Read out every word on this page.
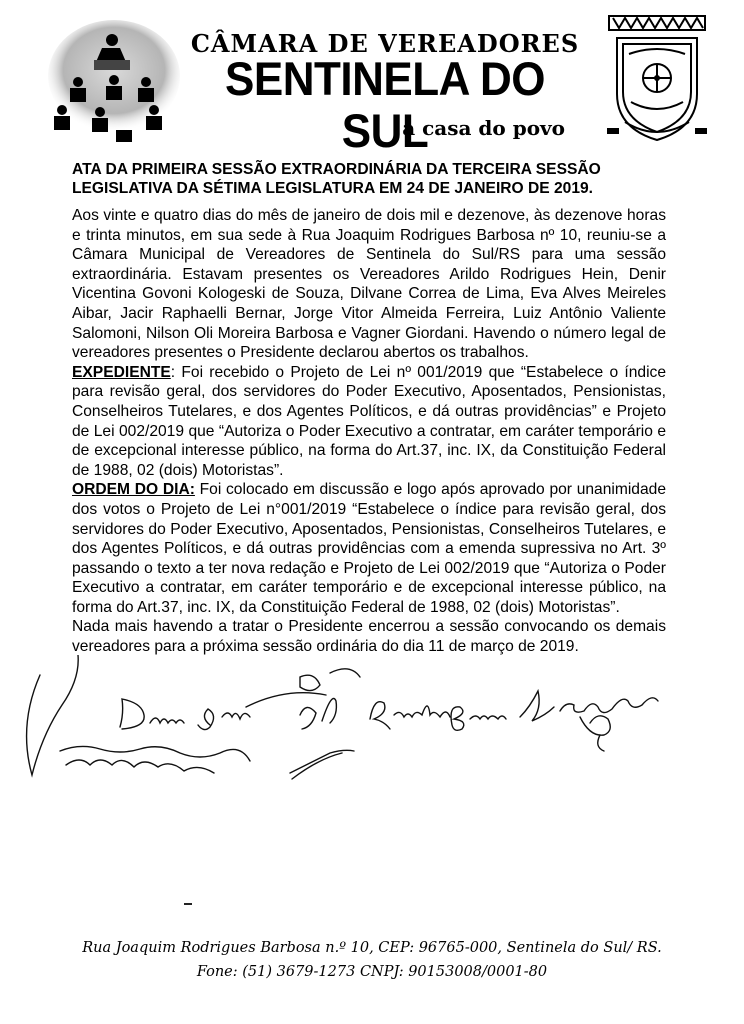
CÂMARA DE VEREADORES
SENTINELA DO SUL
a casa do povo

ATA DA PRIMEIRA SESSÃO EXTRAORDINÁRIA DA TERCEIRA SESSÃO LEGISLATIVA DA SÉTIMA LEGISLATURA EM 24 DE JANEIRO DE 2019.

Aos vinte e quatro dias do mês de janeiro de dois mil e dezenove, às dezenove horas e trinta minutos, em sua sede à Rua Joaquim Rodrigues Barbosa nº 10, reuniu-se a Câmara Municipal de Vereadores de Sentinela do Sul/RS para uma sessão extraordinária. Estavam presentes os Vereadores Arildo Rodrigues Hein, Denir Vicentina Govoni Kologeski de Souza, Dilvane Correa de Lima, Eva Alves Meireles Aibar, Jacir Raphaelli Bernar, Jorge Vitor Almeida Ferreira, Luiz Antônio Valiente Salomoni, Nilson Oli Moreira Barbosa e Vagner Giordani. Havendo o número legal de vereadores presentes o Presidente declarou abertos os trabalhos.

EXPEDIENTE: Foi recebido o Projeto de Lei nº 001/2019 que “Estabelece o índice para revisão geral, dos servidores do Poder Executivo, Aposentados, Pensionistas, Conselheiros Tutelares, e dos Agentes Políticos, e dá outras providências” e Projeto de Lei 002/2019 que “Autoriza o Poder Executivo a contratar, em caráter temporário e de excepcional interesse público, na forma do Art.37, inc. IX, da Constituição Federal de 1988, 02 (dois) Motoristas”.

ORDEM DO DIA: Foi colocado em discussão e logo após aprovado por unanimidade dos votos o Projeto de Lei n°001/2019 “Estabelece o índice para revisão geral, dos servidores do Poder Executivo, Aposentados, Pensionistas, Conselheiros Tutelares, e dos Agentes Políticos, e dá outras providências com a emenda supressiva no Art. 3º passando o texto a ter nova redação e Projeto de Lei 002/2019 que “Autoriza o Poder Executivo a contratar, em caráter temporário e de excepcional interesse público, na forma do Art.37, inc. IX, da Constituição Federal de 1988, 02 (dois) Motoristas”.

Nada mais havendo a tratar o Presidente encerrou a sessão convocando os demais vereadores para a próxima sessão ordinária do dia 11 de março de 2019.

Rua Joaquim Rodrigues Barbosa n.º 10, CEP: 96765-000, Sentinela do Sul/ RS.
Fone: (51) 3679-1273 CNPJ: 90153008/0001-80
